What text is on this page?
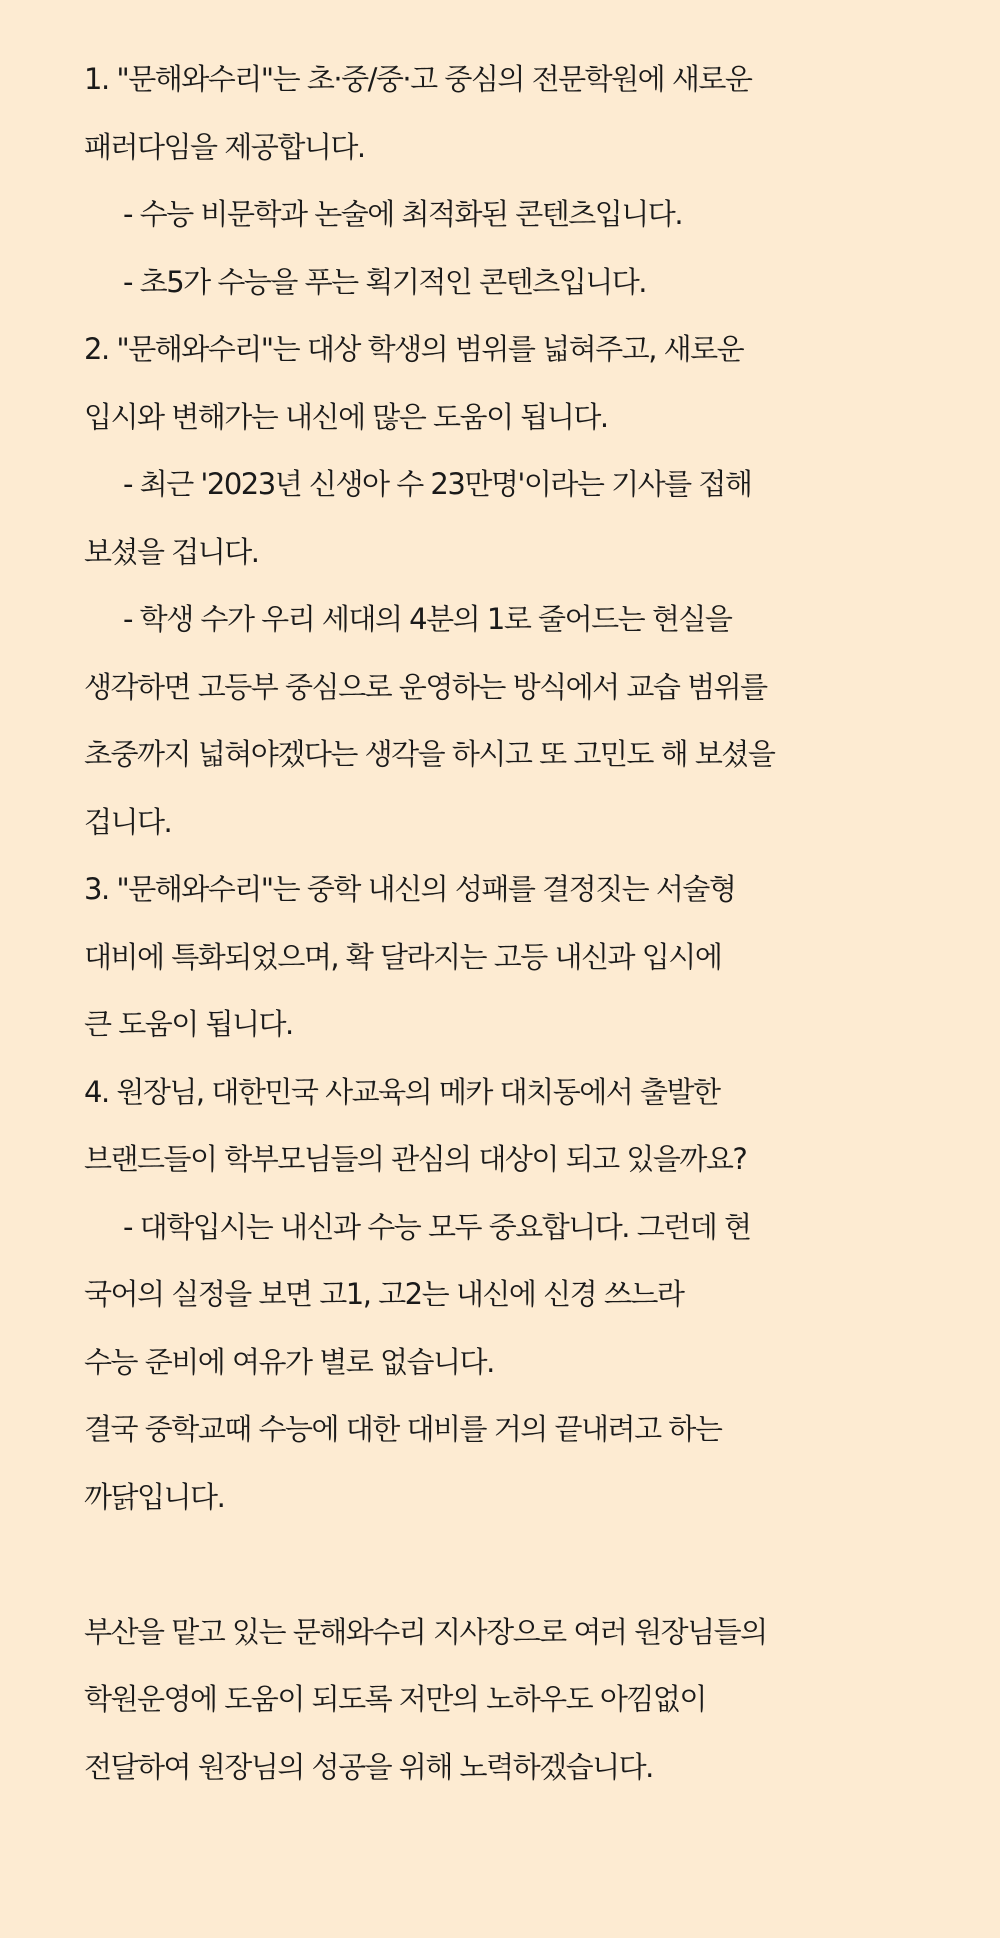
1. "문해와수리"는 초·중/중·고 중심의 전문학원에 새로운
패러다임을 제공합니다.
- 수능 비문학과 논술에 최적화된 콘텐츠입니다.
- 초5가 수능을 푸는 획기적인 콘텐츠입니다.
2. "문해와수리"는 대상 학생의 범위를 넓혀주고, 새로운
입시와 변해가는 내신에 많은 도움이 됩니다.
- 최근 '2023년 신생아 수 23만명'이라는 기사를 접해
보셨을 겁니다.
- 학생 수가 우리 세대의 4분의 1로 줄어드는 현실을
생각하면 고등부 중심으로 운영하는 방식에서 교습 범위를
초중까지 넓혀야겠다는 생각을 하시고 또 고민도 해 보셨을
겁니다.
3. "문해와수리"는 중학 내신의 성패를 결정짓는 서술형
대비에 특화되었으며, 확 달라지는 고등 내신과 입시에
큰 도움이 됩니다.
4. 원장님, 대한민국 사교육의 메카 대치동에서 출발한
브랜드들이 학부모님들의 관심의 대상이 되고 있을까요?
- 대학입시는 내신과 수능 모두 중요합니다. 그런데 현
국어의 실정을 보면 고1, 고2는 내신에 신경 쓰느라
수능 준비에 여유가 별로 없습니다.
결국 중학교때 수능에 대한 대비를 거의 끝내려고 하는
까닭입니다.
부산을 맡고 있는 문해와수리 지사장으로 여러 원장님들의
학원운영에 도움이 되도록 저만의 노하우도 아낌없이
전달하여 원장님의 성공을 위해 노력하겠습니다.
